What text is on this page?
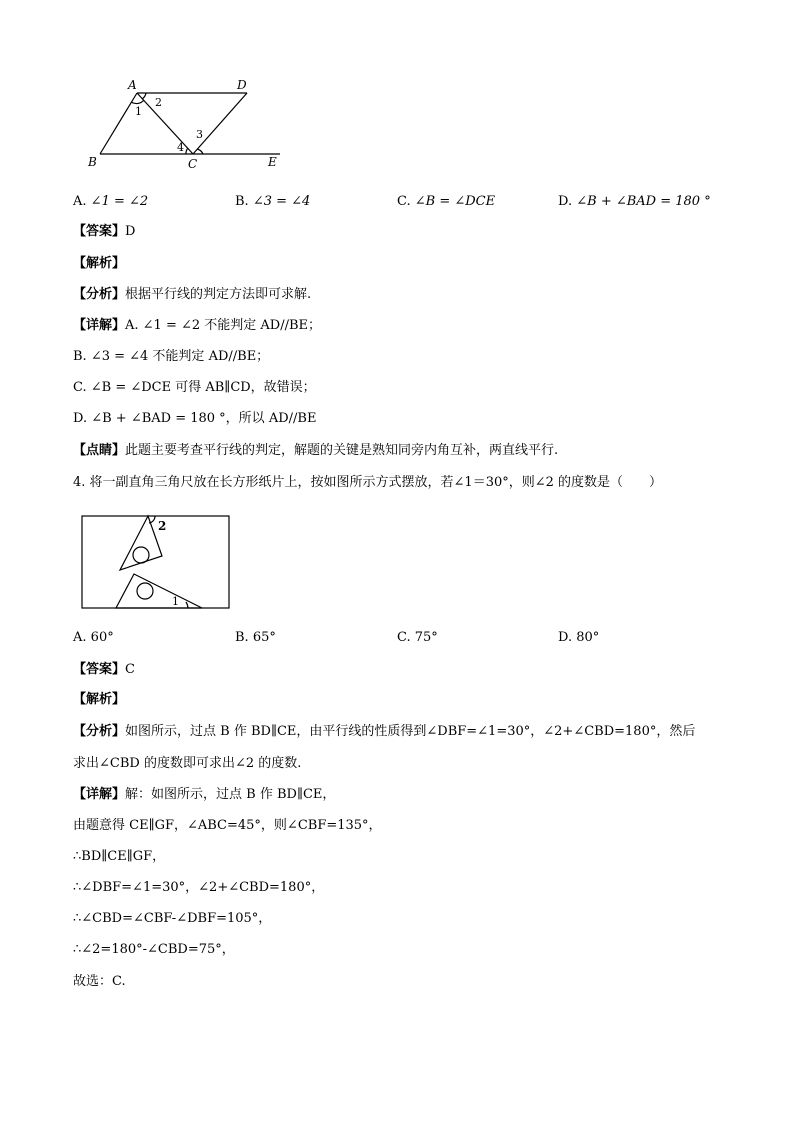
A	D
B	C	E
1
2
3
4
A. ∠1 = ∠2	B. ∠3 = ∠4	C. ∠B = ∠DCE	D. ∠B + ∠BAD = 180 °
【答案】D
【解析】
【分析】根据平行线的判定方法即可求解.
【详解】A. ∠1 = ∠2 不能判定 AD//BE；
B. ∠3 = ∠4 不能判定 AD//BE；
C. ∠B = ∠DCE 可得 AB∥CD，故错误；
D. ∠B + ∠BAD = 180 °，所以 AD//BE
【点睛】此题主要考查平行线的判定，解题的关键是熟知同旁内角互补，两直线平行.
4. 将一副直角三角尺放在长方形纸片上，按如图所示方式摆放，若∠1＝30°，则∠2 的度数是（　　）
2
1
A. 60°	B. 65°	C. 75°	D. 80°
【答案】C
【解析】
【分析】如图所示，过点 B 作 BD∥CE，由平行线的性质得到∠DBF=∠1=30°，∠2+∠CBD=180°，然后
求出∠CBD 的度数即可求出∠2 的度数.
【详解】解：如图所示，过点 B 作 BD∥CE，
由题意得 CE∥GF，∠ABC=45°，则∠CBF=135°，
∴BD∥CE∥GF，
∴∠DBF=∠1=30°，∠2+∠CBD=180°，
∴∠CBD=∠CBF-∠DBF=105°，
∴∠2=180°-∠CBD=75°，
故选：C.
